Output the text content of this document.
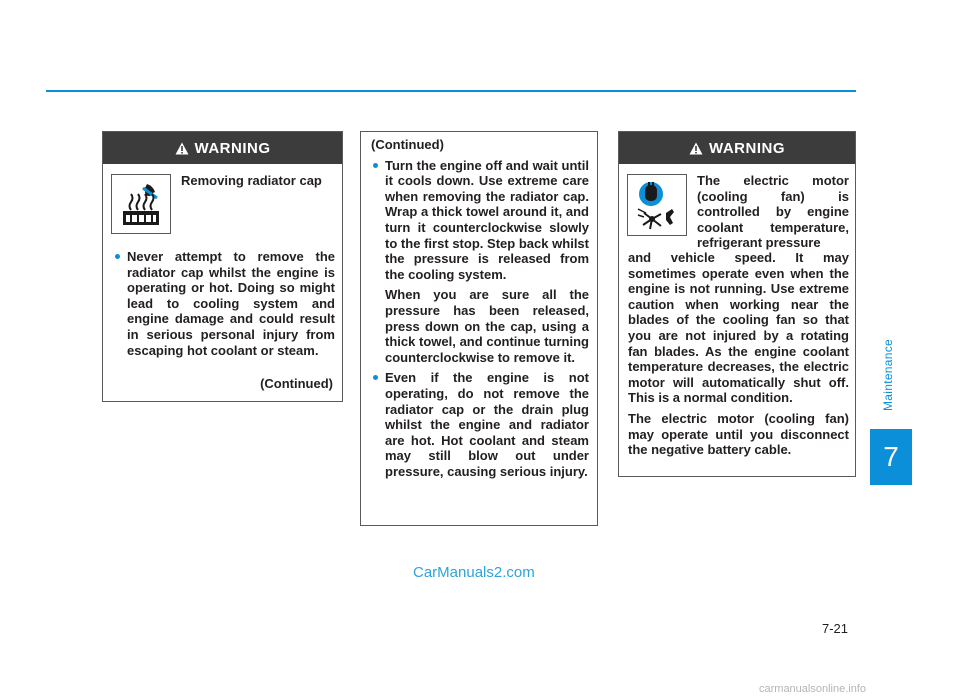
WARNING
Removing radiator cap

Never attempt to remove the radiator cap whilst the engine is operating or hot. Doing so might lead to cooling system and engine damage and could result in serious personal injury from escaping hot coolant or steam.

(Continued)

(Continued)

Turn the engine off and wait until it cools down. Use extreme care when removing the radiator cap. Wrap a thick towel around it, and turn it counterclockwise slowly to the first stop. Step back whilst the pressure is released from the cooling system.

When you are sure all the pressure has been released, press down on the cap, using a thick towel, and continue turning counterclockwise to remove it.

Even if the engine is not operating, do not remove the radiator cap or the drain plug whilst the engine and radiator are hot. Hot coolant and steam may still blow out under pressure, causing serious injury.

WARNING

The electric motor (cooling fan) is controlled by engine coolant temperature, refrigerant pressure

and vehicle speed. It may sometimes operate even when the engine is not running. Use extreme caution when working near the blades of the cooling fan so that you are not injured by a rotating fan blades. As the engine coolant temperature decreases, the electric motor will automatically shut off. This is a normal condition.

The electric motor (cooling fan) may operate until you disconnect the negative battery cable.

Maintenance
7
7-21
CarManuals2.com
carmanualsonline.info
